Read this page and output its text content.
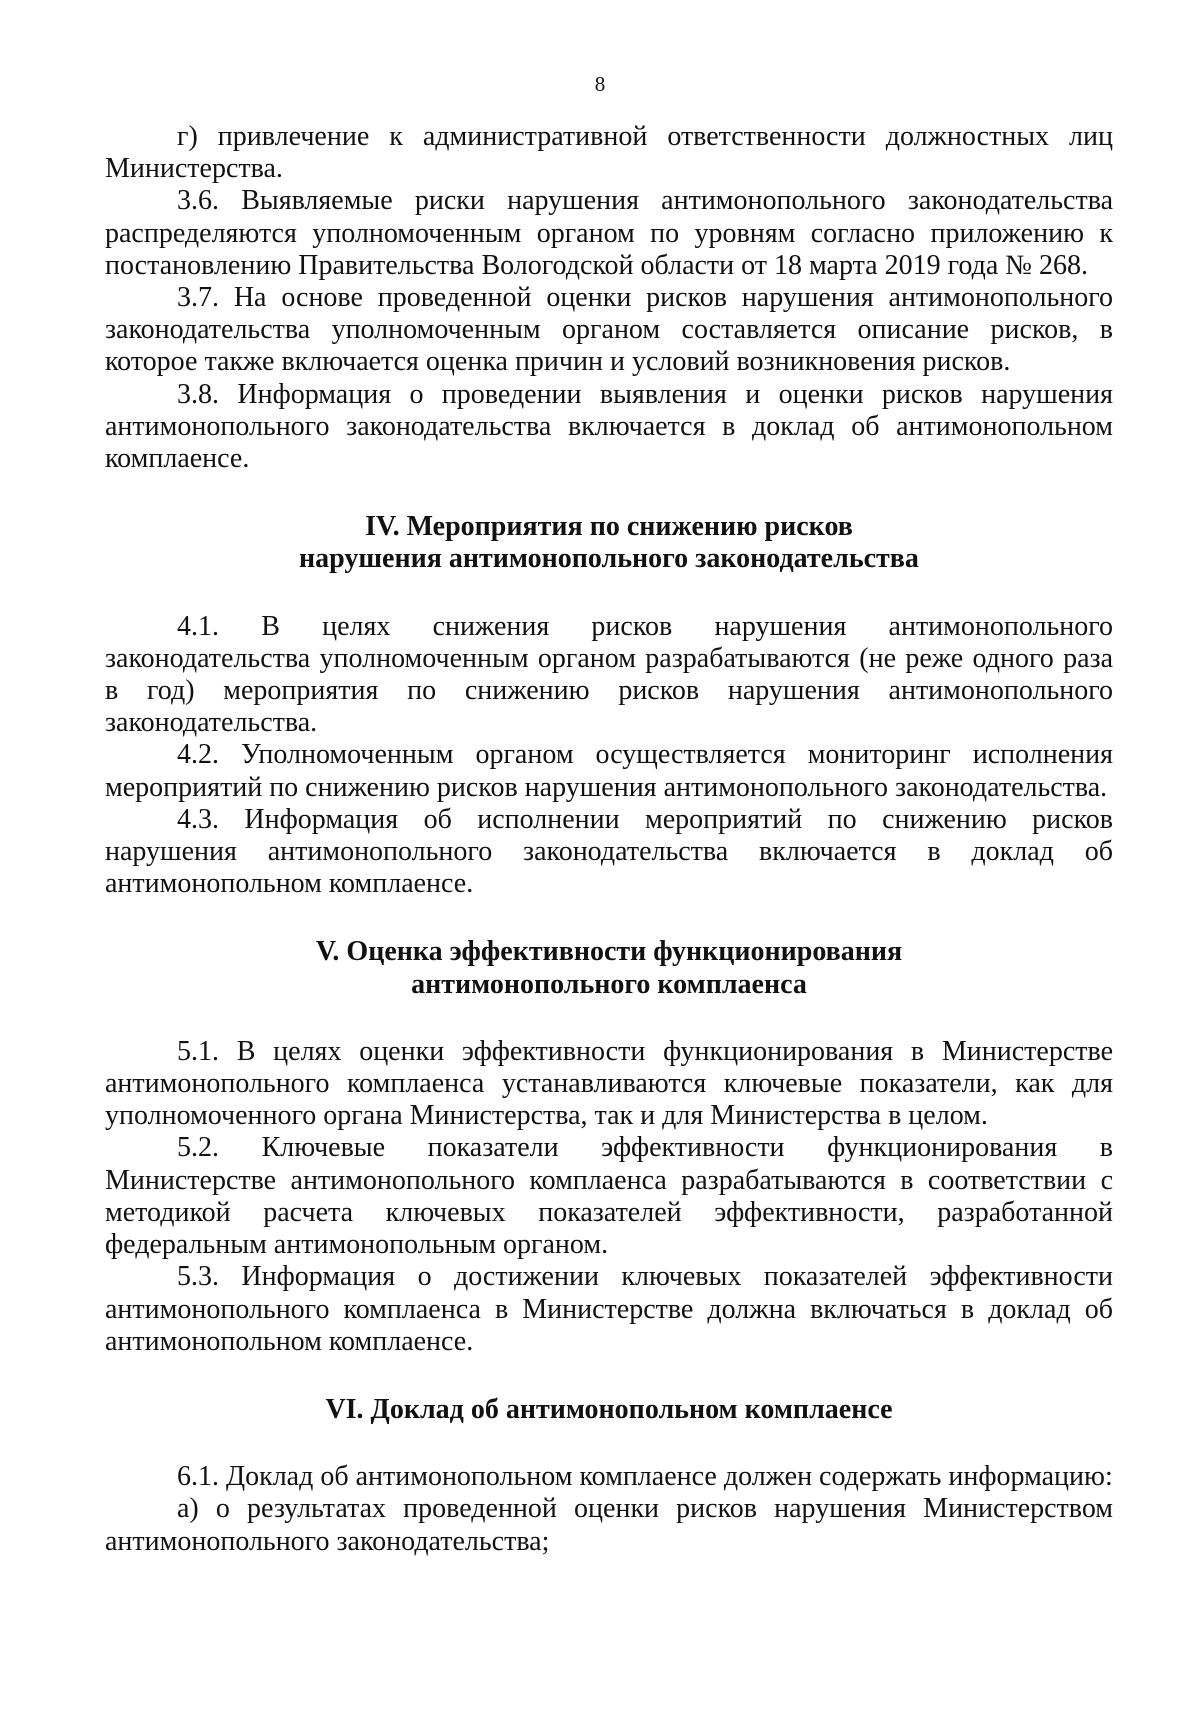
8

г) привлечение к административной ответственности должностных лиц Министерства.

3.6. Выявляемые риски нарушения антимонопольного законодательства распределяются уполномоченным органом по уровням согласно приложению к постановлению Правительства Вологодской области от 18 марта 2019 года № 268.

3.7. На основе проведенной оценки рисков нарушения антимонопольного законодательства уполномоченным органом составляется описание рисков, в которое также включается оценка причин и условий возникновения рисков.

3.8. Информация о проведении выявления и оценки рисков нарушения антимонопольного законодательства включается в доклад об антимонопольном комплаенсе.

IV. Мероприятия по снижению рисков
нарушения антимонопольного законодательства

4.1. В целях снижения рисков нарушения антимонопольного законодательства уполномоченным органом разрабатываются (не реже одного раза в год) мероприятия по снижению рисков нарушения антимонопольного законодательства.

4.2. Уполномоченным органом осуществляется мониторинг исполнения мероприятий по снижению рисков нарушения антимонопольного законодательства.

4.3. Информация об исполнении мероприятий по снижению рисков нарушения антимонопольного законодательства включается в доклад об антимонопольном комплаенсе.

V. Оценка эффективности функционирования
антимонопольного комплаенса

5.1. В целях оценки эффективности функционирования в Министерстве антимонопольного комплаенса устанавливаются ключевые показатели, как для уполномоченного органа Министерства, так и для Министерства в целом.

5.2. Ключевые показатели эффективности функционирования в Министерстве антимонопольного комплаенса разрабатываются в соответствии с методикой расчета ключевых показателей эффективности, разработанной федеральным антимонопольным органом.

5.3. Информация о достижении ключевых показателей эффективности антимонопольного комплаенса в Министерстве должна включаться в доклад об антимонопольном комплаенсе.

VI. Доклад об антимонопольном комплаенсе

6.1. Доклад об антимонопольном комплаенсе должен содержать информацию:

а) о результатах проведенной оценки рисков нарушения Министерством антимонопольного законодательства;
